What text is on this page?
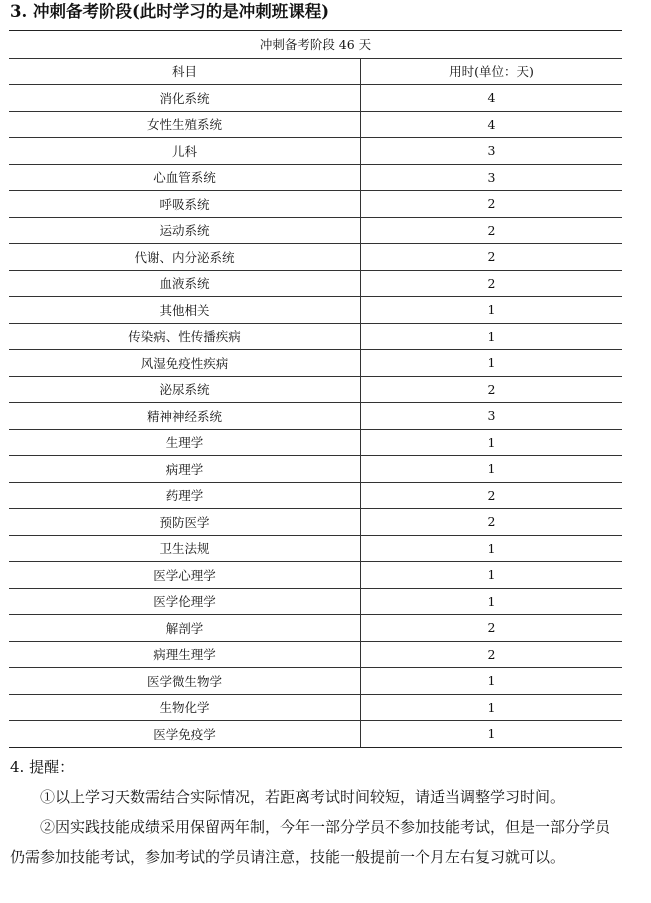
3. 冲刺备考阶段(此时学习的是冲刺班课程)
冲刺备考阶段 46 天
科目	用时(单位：天)
消化系统	4
女性生殖系统	4
儿科	3
心血管系统	3
呼吸系统	2
运动系统	2
代谢、内分泌系统	2
血液系统	2
其他相关	1
传染病、性传播疾病	1
风湿免疫性疾病	1
泌尿系统	2
精神神经系统	3
生理学	1
病理学	1
药理学	2
预防医学	2
卫生法规	1
医学心理学	1
医学伦理学	1
解剖学	2
病理生理学	2
医学微生物学	1
生物化学	1
医学免疫学	1

4. 提醒：

①以上学习天数需结合实际情况，若距离考试时间较短，请适当调整学习时间。

②因实践技能成绩采用保留两年制，今年一部分学员不参加技能考试，但是一部分学员仍需参加技能考试，参加考试的学员请注意，技能一般提前一个月左右复习就可以。
